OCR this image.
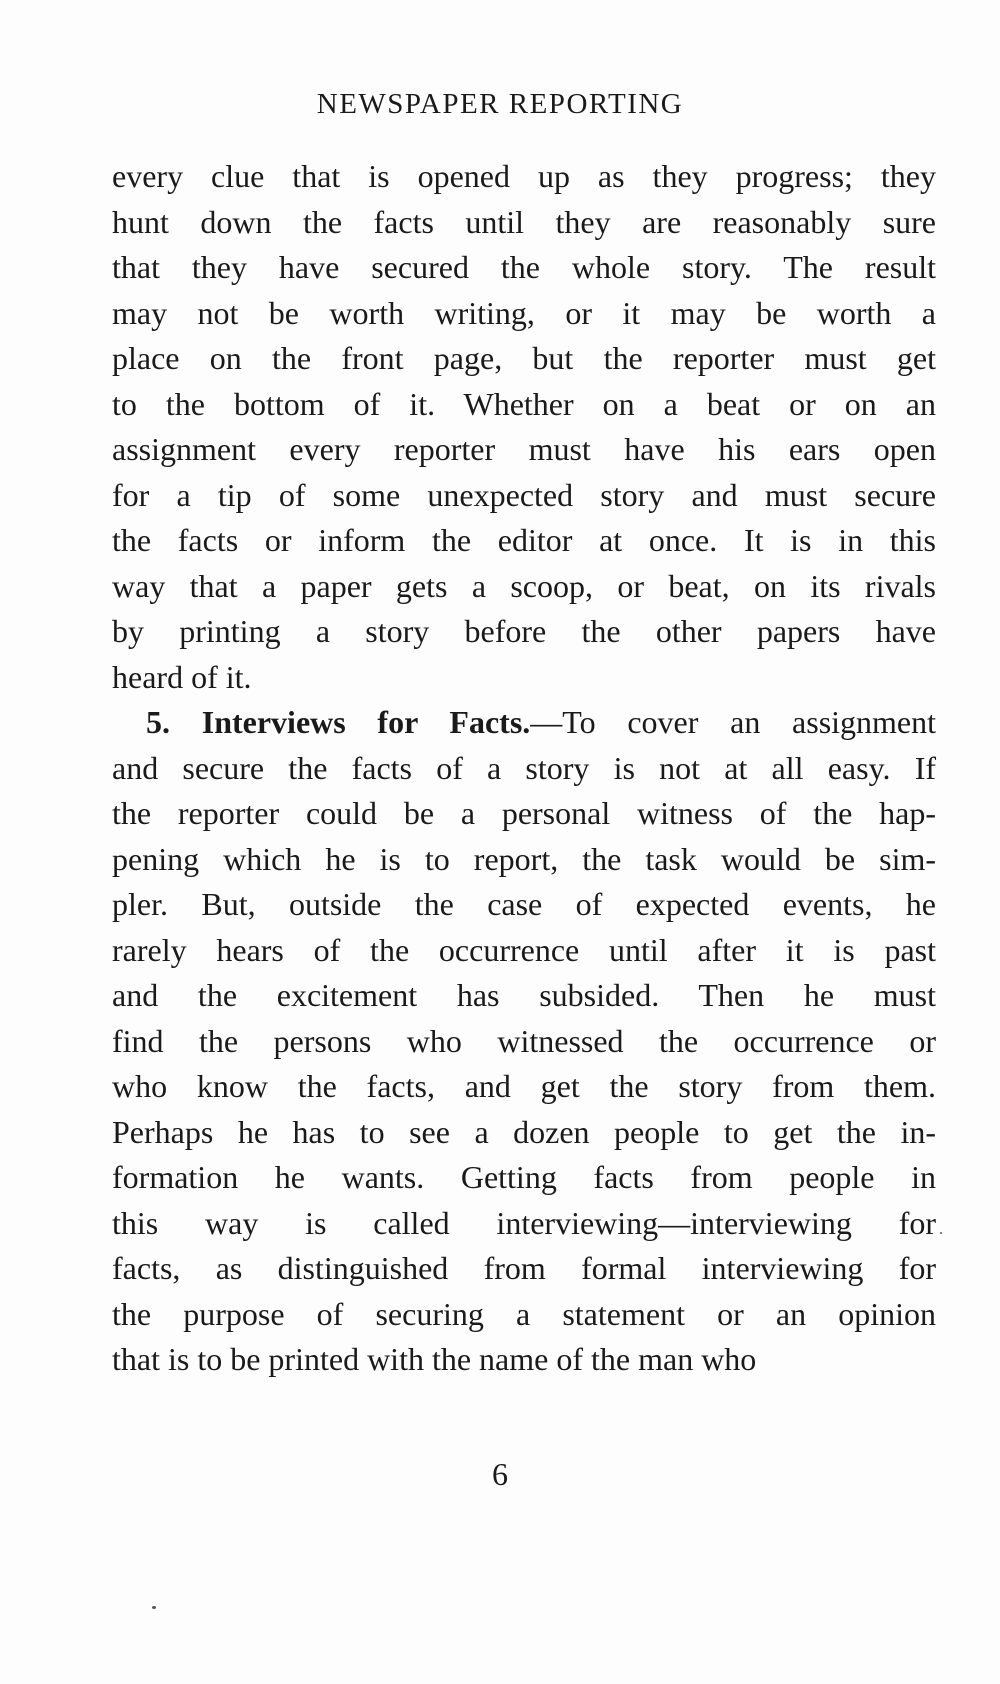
NEWSPAPER REPORTING
every clue that is opened up as they progress; they
hunt down the facts until they are reasonably sure
that they have secured the whole story. The result
may not be worth writing, or it may be worth a
place on the front page, but the reporter must get
to the bottom of it. Whether on a beat or on an
assignment every reporter must have his ears open
for a tip of some unexpected story and must secure
the facts or inform the editor at once. It is in this
way that a paper gets a scoop, or beat, on its rivals
by printing a story before the other papers have
heard of it.
5. Interviews for Facts.—To cover an assignment
and secure the facts of a story is not at all easy. If
the reporter could be a personal witness of the hap-
pening which he is to report, the task would be sim-
pler. But, outside the case of expected events, he
rarely hears of the occurrence until after it is past
and the excitement has subsided. Then he must
find the persons who witnessed the occurrence or
who know the facts, and get the story from them.
Perhaps he has to see a dozen people to get the in-
formation he wants. Getting facts from people in
this way is called interviewing—interviewing for
facts, as distinguished from formal interviewing for
the purpose of securing a statement or an opinion
that is to be printed with the name of the man who
6
